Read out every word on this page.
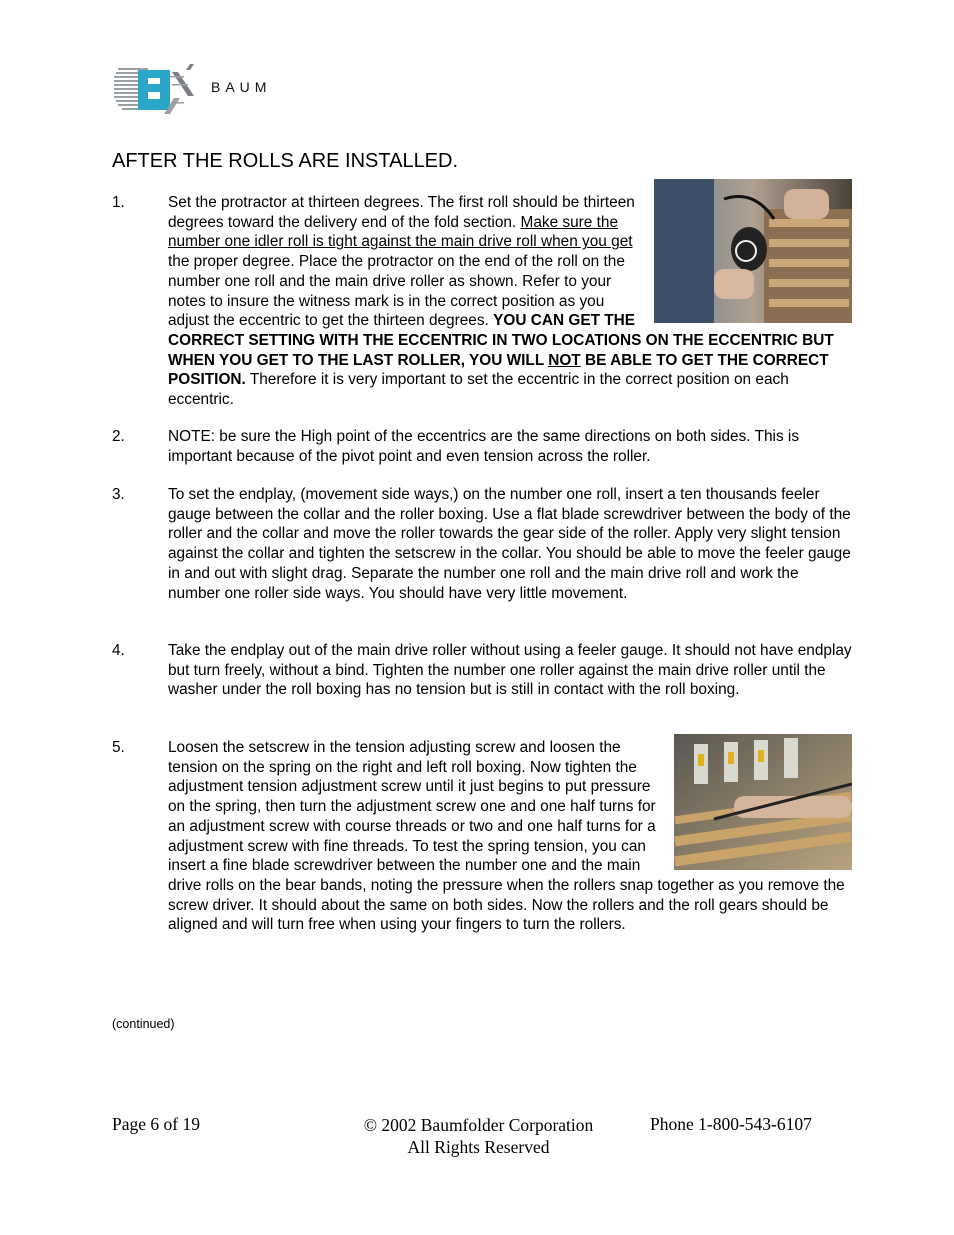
BAUM
AFTER THE ROLLS ARE INSTALLED.
1.	Set the protractor at thirteen degrees. The first roll should be thirteen degrees toward the delivery end of the fold section. Make sure the number one idler roll is tight against the main drive roll when you get the proper degree. Place the protractor on the end of the roll on the number one roll and the main drive roller as shown. Refer to your notes to insure the witness mark is in the correct position as you adjust the eccentric to get the thirteen degrees. YOU CAN GET THE CORRECT SETTING WITH THE ECCENTRIC IN TWO LOCATIONS ON THE ECCENTRIC BUT WHEN YOU GET TO THE LAST ROLLER, YOU WILL NOT BE ABLE TO GET THE CORRECT POSITION. Therefore it is very important to set the eccentric in the correct position on each eccentric.
2.	NOTE: be sure the High point of the eccentrics are the same directions on both sides. This is important because of the pivot point and even tension across the roller.
3.	To set the endplay, (movement side ways,) on the number one roll, insert a ten thousands feeler gauge between the collar and the roller boxing. Use a flat blade screwdriver between the body of the roller and the collar and move the roller towards the gear side of the roller. Apply very slight tension against the collar and tighten the setscrew in the collar. You should be able to move the feeler gauge in and out with slight drag. Separate the number one roll and the main drive roll and work the number one roller side ways. You should have very little movement.
4.	Take the endplay out of the main drive roller without using a feeler gauge. It should not have endplay but turn freely, without a bind. Tighten the number one roller against the main drive roller until the washer under the roll boxing has no tension but is still in contact with the roll boxing.
5.	Loosen the setscrew in the tension adjusting screw and loosen the tension on the spring on the right and left roll boxing. Now tighten the adjustment tension adjustment screw until it just begins to put pressure on the spring, then turn the adjustment screw one and one half turns for an adjustment screw with course threads or two and one half turns for a adjustment screw with fine threads. To test the spring tension, you can insert a fine blade screwdriver between the number one and the main drive rolls on the bear bands, noting the pressure when the rollers snap together as you remove the screw driver. It should about the same on both sides. Now the rollers and the roll gears should be aligned and will turn free when using your fingers to turn the rollers.
(continued)
Page 6 of 19	© 2002 Baumfolder Corporation
All Rights Reserved
Phone 1-800-543-6107
